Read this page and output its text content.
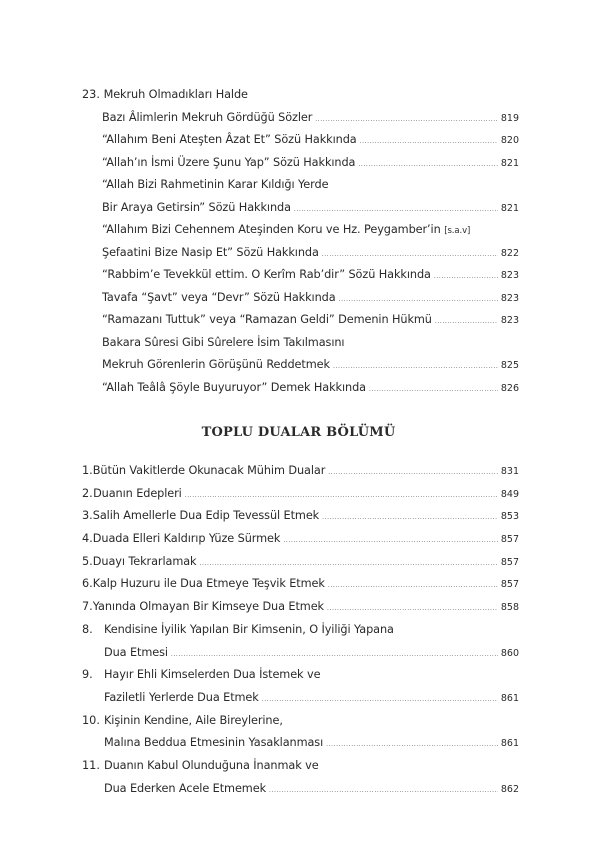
23.
Mekruh Olmadıkları Halde
Bazı Âlimlerin Mekruh Gördüğü Sözler .....	819
“Allahım Beni Ateşten Âzat Et” Sözü Hakkında .....	820
“Allah’ın İsmi Üzere Şunu Yap” Sözü Hakkında .....	821
“Allah Bizi Rahmetinin Karar Kıldığı Yerde
Bir Araya Getirsin” Sözü Hakkında .....	821
“Allahım Bizi Cehennem Ateşinden Koru ve Hz. Peygamber’in
[s.a.v]
Şefaatini Bize Nasip Et” Sözü Hakkında .....	822
“Rabbim’e Tevekkül ettim. O Kerîm Rab’dir” Sözü Hakkında .....	823
Tavafa “Şavt” veya “Devr” Sözü Hakkında .....	823
“Ramazanı Tuttuk” veya “Ramazan Geldi” Demenin Hükmü .....	823
Bakara Sûresi Gibi Sûrelere İsim Takılmasını
Mekruh Görenlerin Görüşünü Reddetmek .....	825
“Allah Teâlâ Şöyle Buyuruyor” Demek Hakkında .....	826
TOPLU DUALAR BÖLÜMÜ
1. Bütün Vakitlerde Okunacak Mühim Dualar .....	831
2. Duanın Edepleri .....	849
3. Salih Amellerle Dua Edip Tevessül Etmek .....	853
4. Duada Elleri Kaldırıp Yüze Sürmek .....	857
5. Duayı Tekrarlamak .....	857
6. Kalp Huzuru ile Dua Etmeye Teşvik Etmek .....	857
7. Yanında Olmayan Bir Kimseye Dua Etmek .....	858
8. Kendisine İyilik Yapılan Bir Kimsenin, O İyiliği Yapana
Dua Etmesi .....	860
9. Hayır Ehli Kimselerden Dua İstemek ve
Faziletli Yerlerde Dua Etmek .....	861
10. Kişinin Kendine, Aile Bireylerine,
Malına Beddua Etmesinin Yasaklanması .....	861
11. Duanın Kabul Olunduğuna İnanmak ve
Dua Ederken Acele Etmemek .....	862
